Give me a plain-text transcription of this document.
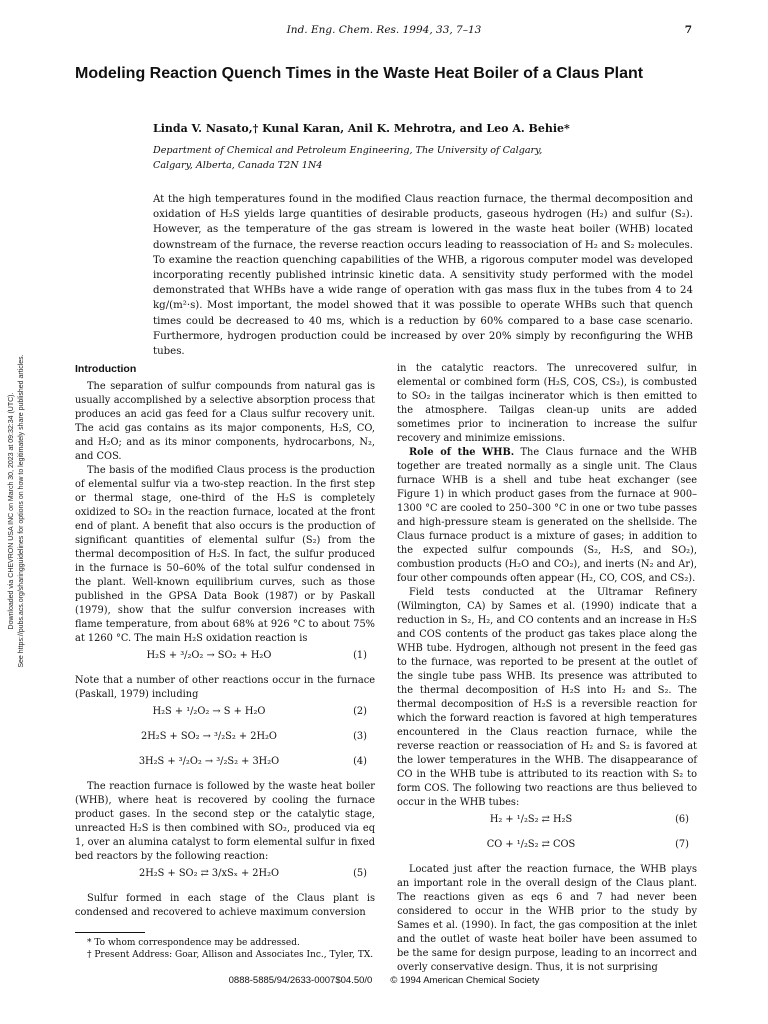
Ind. Eng. Chem. Res. 1994, 33, 7–13	7
Modeling Reaction Quench Times in the Waste Heat Boiler of a Claus Plant
Linda V. Nasato,† Kunal Karan, Anil K. Mehrotra, and Leo A. Behie*
Department of Chemical and Petroleum Engineering, The University of Calgary,
Calgary, Alberta, Canada T2N 1N4

At the high temperatures found in the modified Claus reaction furnace, the thermal decomposition and oxidation of H₂S yields large quantities of desirable products, gaseous hydrogen (H₂) and sulfur (S₂). However, as the temperature of the gas stream is lowered in the waste heat boiler (WHB) located downstream of the furnace, the reverse reaction occurs leading to reassociation of H₂ and S₂ molecules. To examine the reaction quenching capabilities of the WHB, a rigorous computer model was developed incorporating recently published intrinsic kinetic data. A sensitivity study performed with the model demonstrated that WHBs have a wide range of operation with gas mass flux in the tubes from 4 to 24 kg/(m²·s). Most important, the model showed that it was possible to operate WHBs such that quench times could be decreased to 40 ms, which is a reduction by 60% compared to a base case scenario. Furthermore, hydrogen production could be increased by over 20% simply by reconfiguring the WHB tubes.

Downloaded via CHEVRON USA INC on March 30, 2023 at 09:32:34 (UTC). See https://pubs.acs.org/sharingguidelines for options on how to legitimately share published articles.	Introduction

The separation of sulfur compounds from natural gas is usually accomplished by a selective absorption process that produces an acid gas feed for a Claus sulfur recovery unit. The acid gas contains as its major components, H₂S, CO, and H₂O; and as its minor components, hydrocarbons, N₂, and COS.

The basis of the modified Claus process is the production of elemental sulfur via a two-step reaction. In the first step or thermal stage, one-third of the H₂S is completely oxidized to SO₂ in the reaction furnace, located at the front end of plant. A benefit that also occurs is the production of significant quantities of elemental sulfur (S₂) from the thermal decomposition of H₂S. In fact, the sulfur produced in the furnace is 50–60% of the total sulfur condensed in the plant. Well-known equilibrium curves, such as those published in the GPSA Data Book (1987) or by Paskall (1979), show that the sulfur conversion increases with flame temperature, from about 68% at 926 °C to about 75% at 1260 °C. The main H₂S oxidation reaction is

H₂S + ³/₂O₂ → SO₂ + H₂O	(1)

Note that a number of other reactions occur in the furnace (Paskall, 1979) including

H₂S + ¹/₂O₂ → S + H₂O	(2)
2H₂S + SO₂ → ³/₂S₂ + 2H₂O	(3)
3H₂S + ³/₂O₂ → ³/₂S₂ + 3H₂O	(4)

The reaction furnace is followed by the waste heat boiler (WHB), where heat is recovered by cooling the furnace product gases. In the second step or the catalytic stage, unreacted H₂S is then combined with SO₂, produced via eq 1, over an alumina catalyst to form elemental sulfur in fixed bed reactors by the following reaction:

2H₂S + SO₂ ⇄ 3/xSₓ + 2H₂O	(5)

Sulfur formed in each stage of the Claus plant is condensed and recovered to achieve maximum conversion

* To whom correspondence may be addressed.

† Present Address: Goar, Allison and Associates Inc., Tyler, TX.

in the catalytic reactors. The unrecovered sulfur, in elemental or combined form (H₂S, COS, CS₂), is combusted to SO₂ in the tailgas incinerator which is then emitted to the atmosphere. Tailgas clean-up units are added sometimes prior to incineration to increase the sulfur recovery and minimize emissions.

Role of the WHB. The Claus furnace and the WHB together are treated normally as a single unit. The Claus furnace WHB is a shell and tube heat exchanger (see Figure 1) in which product gases from the furnace at 900–1300 °C are cooled to 250–300 °C in one or two tube passes and high-pressure steam is generated on the shellside. The Claus furnace product is a mixture of gases; in addition to the expected sulfur compounds (S₂, H₂S, and SO₂), combustion products (H₂O and CO₂), and inerts (N₂ and Ar), four other compounds often appear (H₂, CO, COS, and CS₂).

Field tests conducted at the Ultramar Refinery (Wilmington, CA) by Sames et al. (1990) indicate that a reduction in S₂, H₂, and CO contents and an increase in H₂S and COS contents of the product gas takes place along the WHB tube. Hydrogen, although not present in the feed gas to the furnace, was reported to be present at the outlet of the single tube pass WHB. Its presence was attributed to the thermal decomposition of H₂S into H₂ and S₂. The thermal decomposition of H₂S is a reversible reaction for which the forward reaction is favored at high temperatures encountered in the Claus reaction furnace, while the reverse reaction or reassociation of H₂ and S₂ is favored at the lower temperatures in the WHB. The disappearance of CO in the WHB tube is attributed to its reaction with S₂ to form COS. The following two reactions are thus believed to occur in the WHB tubes:

H₂ + ¹/₂S₂ ⇄ H₂S	(6)
CO + ¹/₂S₂ ⇄ COS	(7)

Located just after the reaction furnace, the WHB plays an important role in the overall design of the Claus plant. The reactions given as eqs 6 and 7 had never been considered to occur in the WHB prior to the study by Sames et al. (1990). In fact, the gas composition at the inlet and the outlet of waste heat boiler have been assumed to be the same for design purpose, leading to an incorrect and overly conservative design. Thus, it is not surprising

0888-5885/94/2633-0007$04.50/0 © 1994 American Chemical Society
